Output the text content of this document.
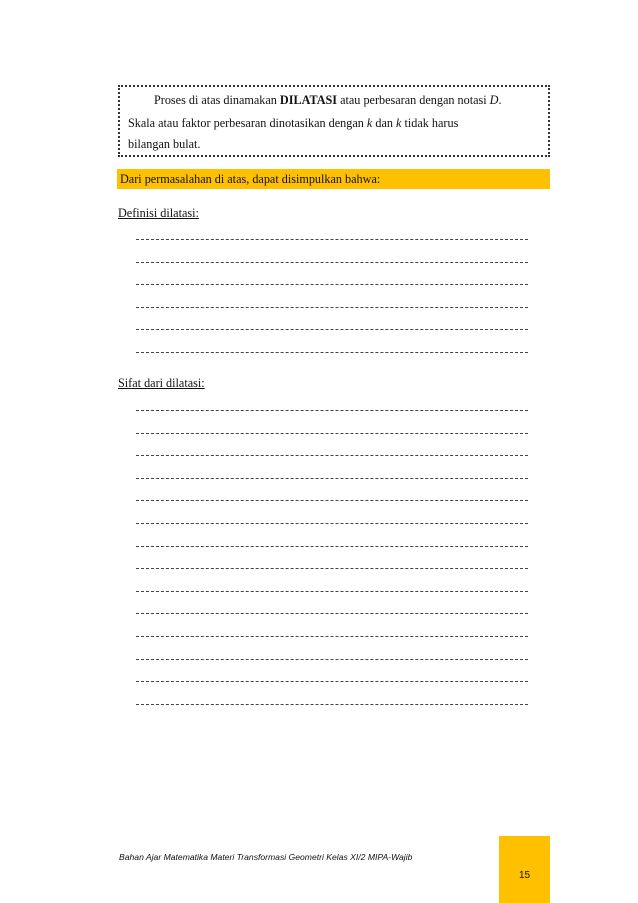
Proses di atas dinamakan DILATASI atau perbesaran dengan notasi D.
Skala atau faktor perbesaran dinotasikan dengan k dan k tidak harus
bilangan bulat.
Dari permasalahan di atas, dapat disimpulkan bahwa:
Definisi dilatasi:
Sifat dari dilatasi:
Bahan Ajar Matematika Materi Transformasi Geometri Kelas XI/2 MIPA-Wajib
15
